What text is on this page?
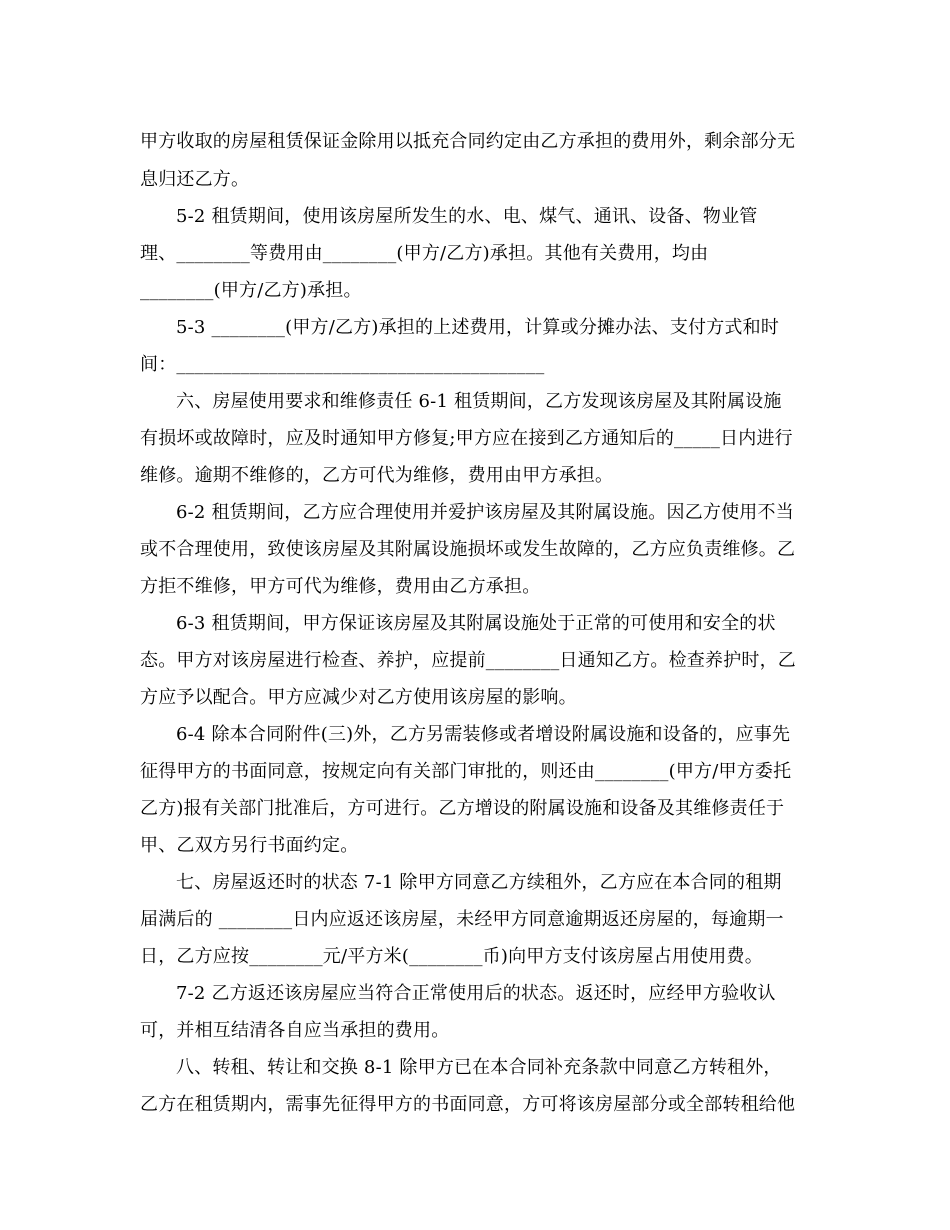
甲方收取的房屋租赁保证金除用以抵充合同约定由乙方承担的费用外，剩余部分无

息归还乙方。

5-2 租赁期间，使用该房屋所发生的水、电、煤气、通讯、设备、物业管

理、________等费用由________(甲方/乙方)承担。其他有关费用，均由

________(甲方/乙方)承担。

5-3 ________(甲方/乙方)承担的上述费用，计算或分摊办法、支付方式和时

间：________________________________________

六、房屋使用要求和维修责任 6-1 租赁期间，乙方发现该房屋及其附属设施

有损坏或故障时，应及时通知甲方修复;甲方应在接到乙方通知后的_____日内进行

维修。逾期不维修的，乙方可代为维修，费用由甲方承担。

6-2 租赁期间，乙方应合理使用并爱护该房屋及其附属设施。因乙方使用不当

或不合理使用，致使该房屋及其附属设施损坏或发生故障的，乙方应负责维修。乙

方拒不维修，甲方可代为维修，费用由乙方承担。

6-3 租赁期间，甲方保证该房屋及其附属设施处于正常的可使用和安全的状

态。甲方对该房屋进行检查、养护，应提前________日通知乙方。检查养护时，乙

方应予以配合。甲方应减少对乙方使用该房屋的影响。

6-4 除本合同附件(三)外，乙方另需装修或者增设附属设施和设备的，应事先

征得甲方的书面同意，按规定向有关部门审批的，则还由________(甲方/甲方委托

乙方)报有关部门批准后，方可进行。乙方增设的附属设施和设备及其维修责任于

甲、乙双方另行书面约定。

七、房屋返还时的状态 7-1 除甲方同意乙方续租外，乙方应在本合同的租期

届满后的 ________日内应返还该房屋，未经甲方同意逾期返还房屋的，每逾期一

日，乙方应按________元/平方米(________币)向甲方支付该房屋占用使用费。

7-2 乙方返还该房屋应当符合正常使用后的状态。返还时，应经甲方验收认

可，并相互结清各自应当承担的费用。

八、转租、转让和交换 8-1 除甲方已在本合同补充条款中同意乙方转租外，

乙方在租赁期内，需事先征得甲方的书面同意，方可将该房屋部分或全部转租给他
